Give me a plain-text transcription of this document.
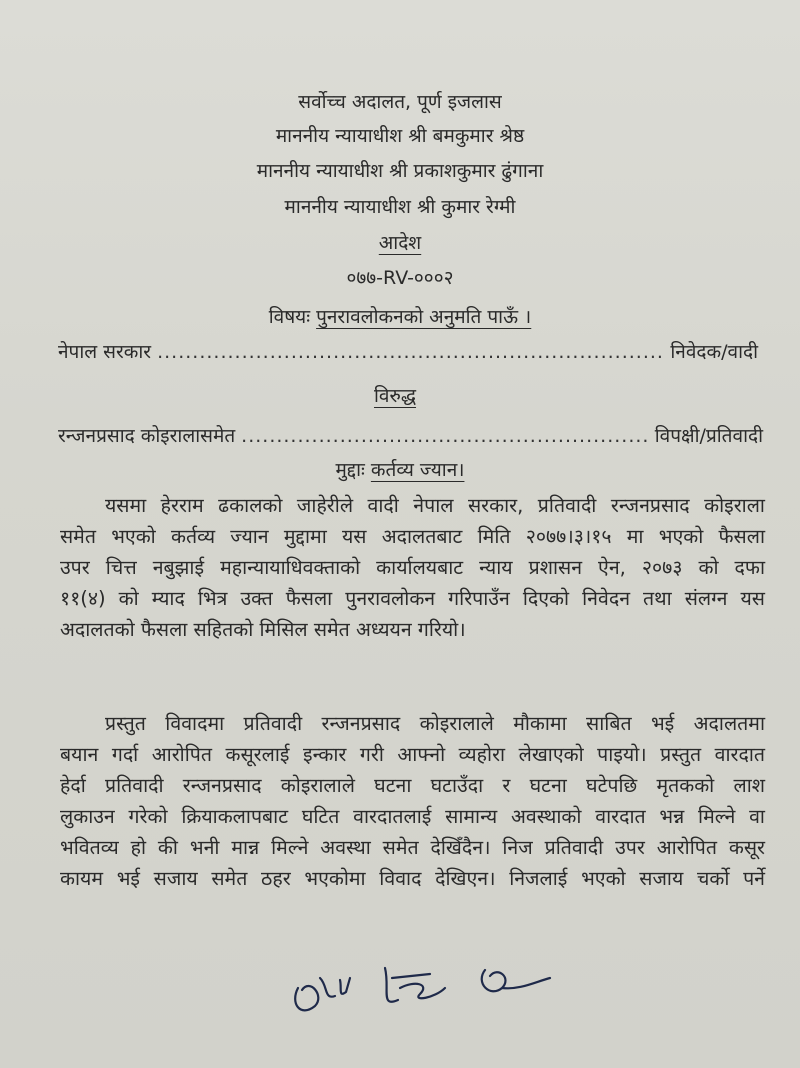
सर्वोच्च अदालत, पूर्ण इजलास
माननीय न्यायाधीश श्री बमकुमार श्रेष्ठ
माननीय न्यायाधीश श्री प्रकाशकुमार ढुंगाना
माननीय न्यायाधीश श्री कुमार रेग्मी
आदेश
०७७-RV-०००२
विषयः पुनरावलोकनको अनुमति पाऊँ ।
नेपाल सरकार .....	निवेदक/वादी
विरुद्ध
रन्जनप्रसाद कोइरालासमेत .....	विपक्षी/प्रतिवादी
मुद्दाः कर्तव्य ज्यान।
यसमा हेरराम ढकालको जाहेरीले वादी नेपाल सरकार, प्रतिवादी रन्जनप्रसाद कोइराला
समेत भएको कर्तव्य ज्यान मुद्दामा यस अदालतबाट मिति २०७७।३।१५ मा भएको फैसला
उपर चित्त नबुझाई महान्यायाधिवक्ताको कार्यालयबाट न्याय प्रशासन ऐन, २०७३ को दफा
११(४) को म्याद भित्र उक्त फैसला पुनरावलोकन गरिपाउँन दिएको निवेदन तथा संलग्न यस
अदालतको फैसला सहितको मिसिल समेत अध्ययन गरियो।
प्रस्तुत विवादमा प्रतिवादी रन्जनप्रसाद कोइरालाले मौकामा साबित भई अदालतमा
बयान गर्दा आरोपित कसूरलाई इन्कार गरी आफ्नो व्यहोरा लेखाएको पाइयो। प्रस्तुत वारदात
हेर्दा प्रतिवादी रन्जनप्रसाद कोइरालाले घटना घटाउँदा र घटना घटेपछि मृतकको लाश
लुकाउन गरेको क्रियाकलापबाट घटित वारदातलाई सामान्य अवस्थाको वारदात भन्न मिल्ने वा
भवितव्य हो की भनी मान्न मिल्ने अवस्था समेत देखिँदैन। निज प्रतिवादी उपर आरोपित कसूर
कायम भई सजाय समेत ठहर भएकोमा विवाद देखिएन। निजलाई भएको सजाय चर्को पर्ने
